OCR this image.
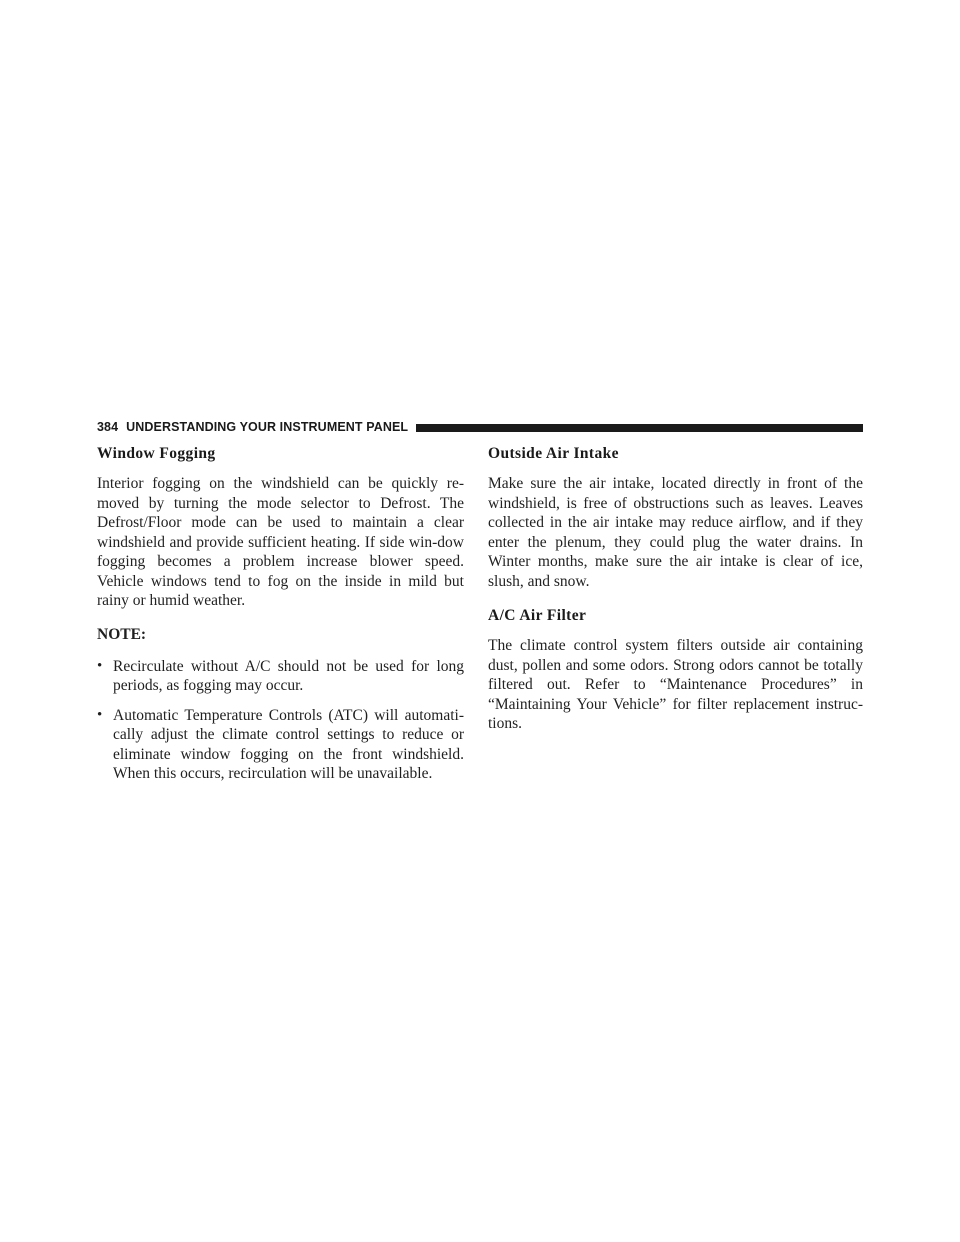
384 UNDERSTANDING YOUR INSTRUMENT PANEL
Window Fogging

Interior fogging on the windshield can be quickly re-moved by turning the mode selector to Defrost. The Defrost/Floor mode can be used to maintain a clear windshield and provide sufficient heating. If side win-dow fogging becomes a problem increase blower speed. Vehicle windows tend to fog on the inside in mild but rainy or humid weather.

NOTE:
• Recirculate without A/C should not be used for long periods, as fogging may occur.
• Automatic Temperature Controls (ATC) will automati-cally adjust the climate control settings to reduce or eliminate window fogging on the front windshield. When this occurs, recirculation will be unavailable.
Outside Air Intake

Make sure the air intake, located directly in front of the windshield, is free of obstructions such as leaves. Leaves collected in the air intake may reduce airflow, and if they enter the plenum, they could plug the water drains. In Winter months, make sure the air intake is clear of ice, slush, and snow.

A/C Air Filter

The climate control system filters outside air containing dust, pollen and some odors. Strong odors cannot be totally filtered out. Refer to “Maintenance Procedures” in “Maintaining Your Vehicle” for filter replacement instruc-tions.
